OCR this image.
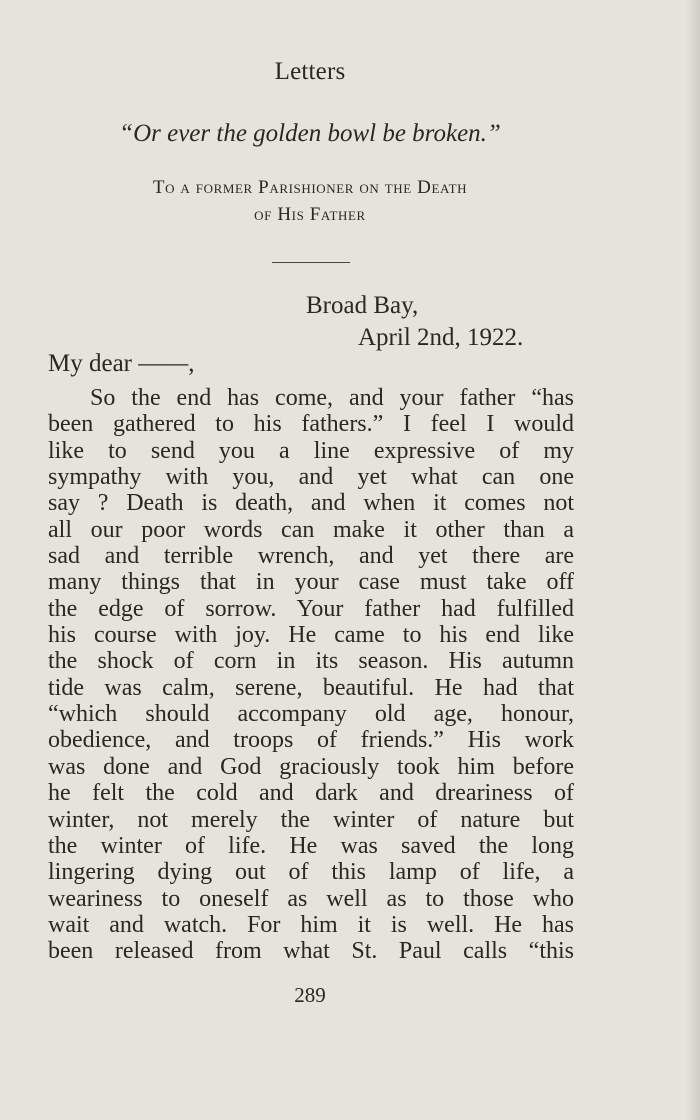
Letters
“Or ever the golden bowl be broken.”
To a former Parishioner on the Death
of His Father
Broad Bay,
April 2nd, 1922.
My dear ——,
So the end has come, and your father “has
been gathered to his fathers.” I feel I would
like to send you a line expressive of my
sympathy with you, and yet what can one
say ? Death is death, and when it comes not
all our poor words can make it other than a
sad and terrible wrench, and yet there are
many things that in your case must take off
the edge of sorrow. Your father had fulfilled
his course with joy. He came to his end like
the shock of corn in its season. His autumn
tide was calm, serene, beautiful. He had that
“which should accompany old age, honour,
obedience, and troops of friends.” His work
was done and God graciously took him before
he felt the cold and dark and dreariness of
winter, not merely the winter of nature but
the winter of life. He was saved the long
lingering dying out of this lamp of life, a
weariness to oneself as well as to those who
wait and watch. For him it is well. He has
been released from what St. Paul calls “this
289
